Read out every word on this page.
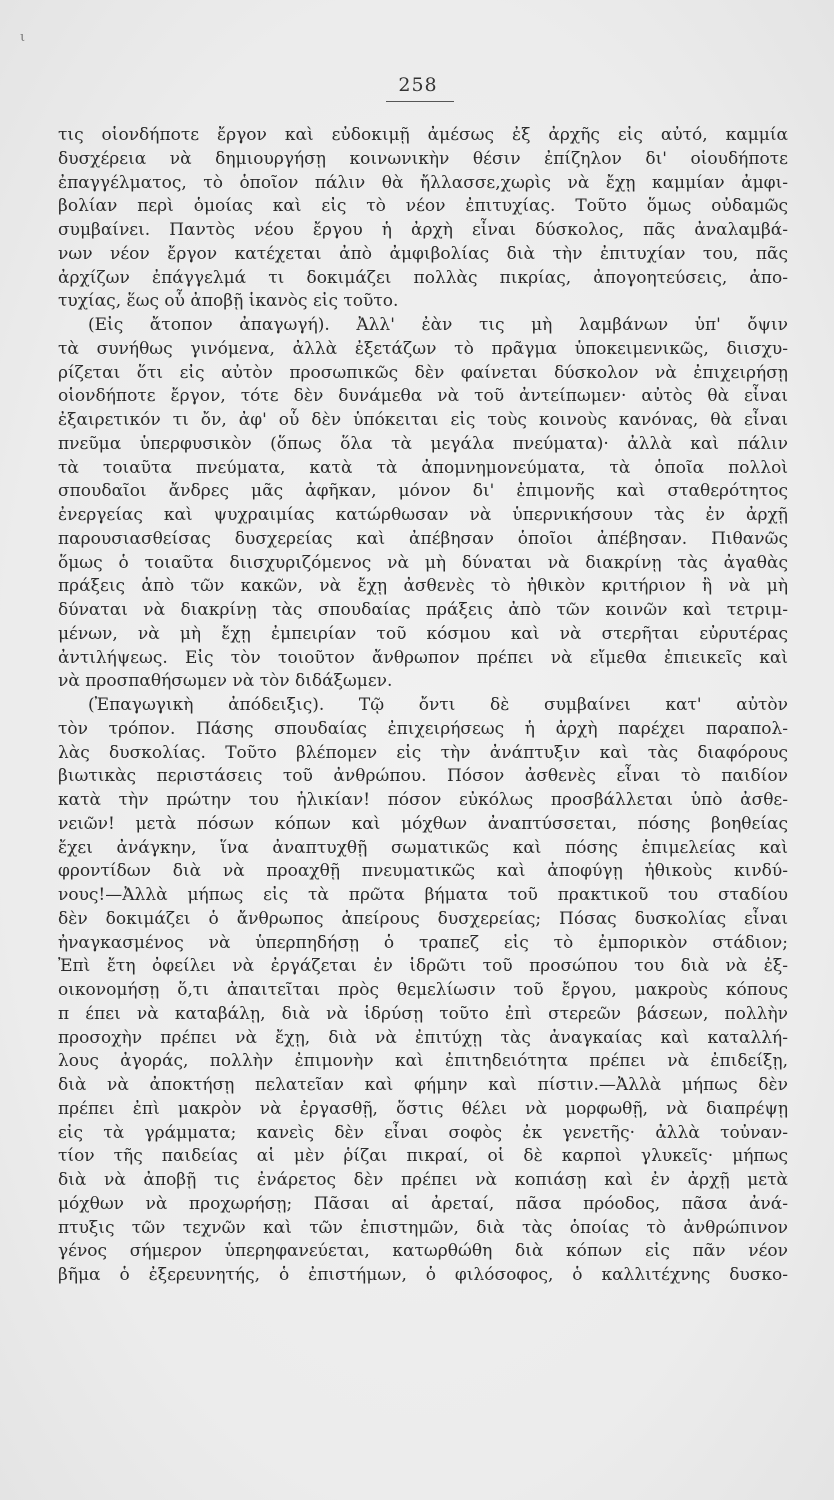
ι
258
τις οἱονδήποτε ἔργον καὶ εὐδοκιμῇ ἀμέσως ἐξ ἀρχῆς εἰς αὐτό, καμμία
δυσχέρεια νὰ δημιουργήσῃ κοινωνικὴν θέσιν ἐπίζηλον δι' οἱουδήποτε
ἐπαγγέλματος, τὸ ὁποῖον πάλιν θὰ ἤλλασσε,χωρὶς νὰ ἔχῃ καμμίαν ἀμφι-
βολίαν περὶ ὁμοίας καὶ εἰς τὸ νέον ἐπιτυχίας. Τοῦτο ὅμως οὐδαμῶς
συμβαίνει. Παντὸς νέου ἔργου ἡ ἀρχὴ εἶναι δύσκολος, πᾶς ἀναλαμβά-
νων νέον ἔργον κατέχεται ἀπὸ ἀμφιβολίας διὰ τὴν ἐπιτυχίαν του, πᾶς
ἀρχίζων ἐπάγγελμά τι δοκιμάζει πολλὰς πικρίας, ἀπογοητεύσεις, ἀπο-
τυχίας, ἕως οὗ ἀποβῇ ἱκανὸς εἰς τοῦτο.
(Εἰς ἄτοπον ἀπαγωγή). Ἀλλ' ἐὰν τις μὴ λαμβάνων ὑπ' ὄψιν
τὰ συνήθως γινόμενα, ἀλλὰ ἐξετάζων τὸ πρᾶγμα ὑποκειμενικῶς, διισχυ-
ρίζεται ὅτι εἰς αὐτὸν προσωπικῶς δὲν φαίνεται δύσκολον νὰ ἐπιχειρήσῃ
οἱονδήποτε ἔργον, τότε δὲν δυνάμεθα νὰ τοῦ ἀντείπωμεν· αὐτὸς θὰ εἶναι
ἐξαιρετικόν τι ὄν, ἀφ' οὗ δὲν ὑπόκειται εἰς τοὺς κοινοὺς κανόνας, θὰ εἶναι
πνεῦμα ὑπερφυσικὸν (ὅπως ὅλα τὰ μεγάλα πνεύματα)· ἀλλὰ καὶ πάλιν
τὰ τοιαῦτα πνεύματα, κατὰ τὰ ἀπομνημονεύματα, τὰ ὁποῖα πολλοὶ
σπουδαῖοι ἄνδρες μᾶς ἀφῆκαν, μόνον δι' ἐπιμονῆς καὶ σταθερότητος
ἐνεργείας καὶ ψυχραιμίας κατώρθωσαν νὰ ὑπερνικήσουν τὰς ἐν ἀρχῇ
παρουσιασθείσας δυσχερείας καὶ ἀπέβησαν ὁποῖοι ἀπέβησαν. Πιθανῶς
ὅμως ὁ τοιαῦτα διισχυριζόμενος νὰ μὴ δύναται νὰ διακρίνῃ τὰς ἀγαθὰς
πράξεις ἀπὸ τῶν κακῶν, νὰ ἔχῃ ἀσθενὲς τὸ ἠθικὸν κριτήριον ἢ νὰ μὴ
δύναται νὰ διακρίνῃ τὰς σπουδαίας πράξεις ἀπὸ τῶν κοινῶν καὶ τετριμ-
μένων, νὰ μὴ ἔχῃ ἐμπειρίαν τοῦ κόσμου καὶ νὰ στερῆται εὐρυτέρας
ἀντιλήψεως. Εἰς τὸν τοιοῦτον ἄνθρωπον πρέπει νὰ εἴμεθα ἐπιεικεῖς καὶ
νὰ προσπαθήσωμεν νὰ τὸν διδάξωμεν.
(Ἐπαγωγικὴ ἀπόδειξις). Τῷ ὄντι δὲ συμβαίνει κατ' αὐτὸν
τὸν τρόπον. Πάσης σπουδαίας ἐπιχειρήσεως ἡ ἀρχὴ παρέχει παραπολ-
λὰς δυσκολίας. Τοῦτο βλέπομεν εἰς τὴν ἀνάπτυξιν καὶ τὰς διαφόρους
βιωτικὰς περιστάσεις τοῦ ἀνθρώπου. Πόσον ἀσθενὲς εἶναι τὸ παιδίον
κατὰ τὴν πρώτην του ἡλικίαν! πόσον εὐκόλως προσβάλλεται ὑπὸ ἀσθε-
νειῶν! μετὰ πόσων κόπων καὶ μόχθων ἀναπτύσσεται, πόσης βοηθείας
ἔχει ἀνάγκην, ἵνα ἀναπτυχθῇ σωματικῶς καὶ πόσης ἐπιμελείας καὶ
φροντίδων διὰ νὰ προαχθῇ πνευματικῶς καὶ ἀποφύγῃ ἠθικοὺς κινδύ-
νους!—Ἀλλὰ μήπως εἰς τὰ πρῶτα βήματα τοῦ πρακτικοῦ του σταδίου
δὲν δοκιμάζει ὁ ἄνθρωπος ἀπείρους δυσχερείας; Πόσας δυσκολίας εἶναι
ἠναγκασμένος νὰ ὑπερπηδήσῃ ὁ τραπεζ εἰς τὸ ἐμπορικὸν στάδιον;
Ἐπὶ ἔτη ὀφείλει νὰ ἐργάζεται ἐν ἱδρῶτι τοῦ προσώπου του διὰ νὰ ἐξ-
οικονομήσῃ ὅ,τι ἀπαιτεῖται πρὸς θεμελίωσιν τοῦ ἔργου, μακροὺς κόπους
π έπει νὰ καταβάλῃ, διὰ νὰ ἱδρύσῃ τοῦτο ἐπὶ στερεῶν βάσεων, πολλὴν
προσοχὴν πρέπει νὰ ἔχῃ, διὰ νὰ ἐπιτύχῃ τὰς ἀναγκαίας καὶ καταλλή-
λους ἀγοράς, πολλὴν ἐπιμονὴν καὶ ἐπιτηδειότητα πρέπει νὰ ἐπιδείξῃ,
διὰ νὰ ἀποκτήσῃ πελατεῖαν καὶ φήμην καὶ πίστιν.—Ἀλλὰ μήπως δὲν
πρέπει ἐπὶ μακρὸν νὰ ἐργασθῇ, ὅστις θέλει νὰ μορφωθῇ, νὰ διαπρέψῃ
εἰς τὰ γράμματα; κανεὶς δὲν εἶναι σοφὸς ἐκ γενετῆς· ἀλλὰ τοὐναν-
τίον τῆς παιδείας αἱ μὲν ῥίζαι πικραί, οἱ δὲ καρποὶ γλυκεῖς· μήπως
διὰ νὰ ἀποβῇ τις ἐνάρετος δὲν πρέπει νὰ κοπιάσῃ καὶ ἐν ἀρχῇ μετὰ
μόχθων νὰ προχωρήσῃ; Πᾶσαι αἱ ἀρεταί, πᾶσα πρόοδος, πᾶσα ἀνά-
πτυξις τῶν τεχνῶν καὶ τῶν ἐπιστημῶν, διὰ τὰς ὁποίας τὸ ἀνθρώπινον
γένος σήμερον ὑπερηφανεύεται, κατωρθώθη διὰ κόπων εἰς πᾶν νέον
βῆμα ὁ ἐξερευνητής, ὁ ἐπιστήμων, ὁ φιλόσοφος, ὁ καλλιτέχνης δυσκο-
